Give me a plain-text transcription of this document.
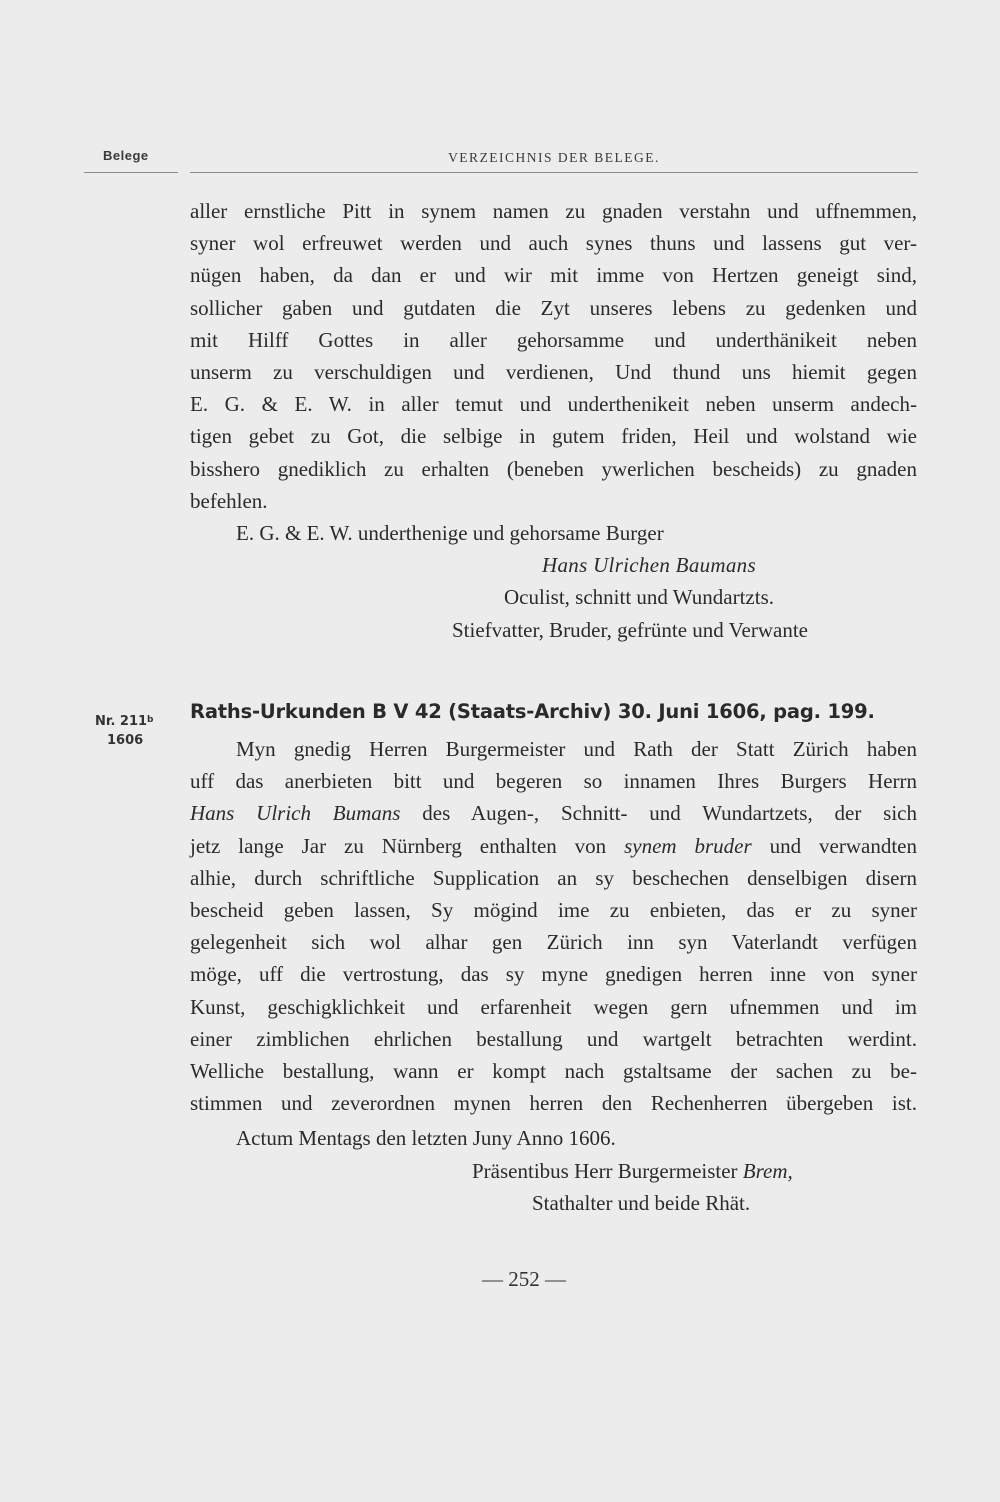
Belege	VERZEICHNIS DER BELEGE.

aller ernstliche Pitt in synem namen zu gnaden verstahn und uffnemmen,

syner wol erfreuwet werden und auch synes thuns und lassens gut ver-

nügen haben, da dan er und wir mit imme von Hertzen geneigt sind,

sollicher gaben und gutdaten die Zyt unseres lebens zu gedenken und

mit Hilff Gottes in aller gehorsamme und underthänikeit neben

unserm zu verschuldigen und verdienen, Und thund uns hiemit gegen

E. G. & E. W. in aller temut und underthenikeit neben unserm andech-

tigen gebet zu Got, die selbige in gutem friden, Heil und wolstand wie

bisshero gnediklich zu erhalten (beneben ywerlichen bescheids) zu gnaden

befehlen.

E. G. & E. W. underthenige und gehorsame Burger

Hans Ulrichen Baumans

Oculist, schnitt und Wundartzts.

Stiefvatter, Bruder, gefrünte und Verwante

Nr. 211$^b$
1606
Raths-Urkunden B V 42 (Staats-Archiv) 30. Juni 1606, pag. 199.

Myn gnedig Herren Burgermeister und Rath der Statt Zürich haben

uff das anerbieten bitt und begeren so innamen Ihres Burgers Herrn

Hans Ulrich Bumans des Augen-, Schnitt- und Wundartzets, der sich

jetz lange Jar zu Nürnberg enthalten von synem bruder und verwandten

alhie, durch schriftliche Supplication an sy beschechen denselbigen disern

bescheid geben lassen, Sy mögind ime zu enbieten, das er zu syner

gelegenheit sich wol alhar gen Zürich inn syn Vaterlandt verfügen

möge, uff die vertrostung, das sy myne gnedigen herren inne von syner

Kunst, geschigklichkeit und erfarenheit wegen gern ufnemmen und im

einer zimblichen ehrlichen bestallung und wartgelt betrachten werdint.

Welliche bestallung, wann er kompt nach gstaltsame der sachen zu be-

stimmen und zeverordnen mynen herren den Rechenherren übergeben ist.

Actum Mentags den letzten Juny Anno 1606.

Präsentibus Herr Burgermeister Brem,

Stathalter und beide Rhät.

— 252 —
